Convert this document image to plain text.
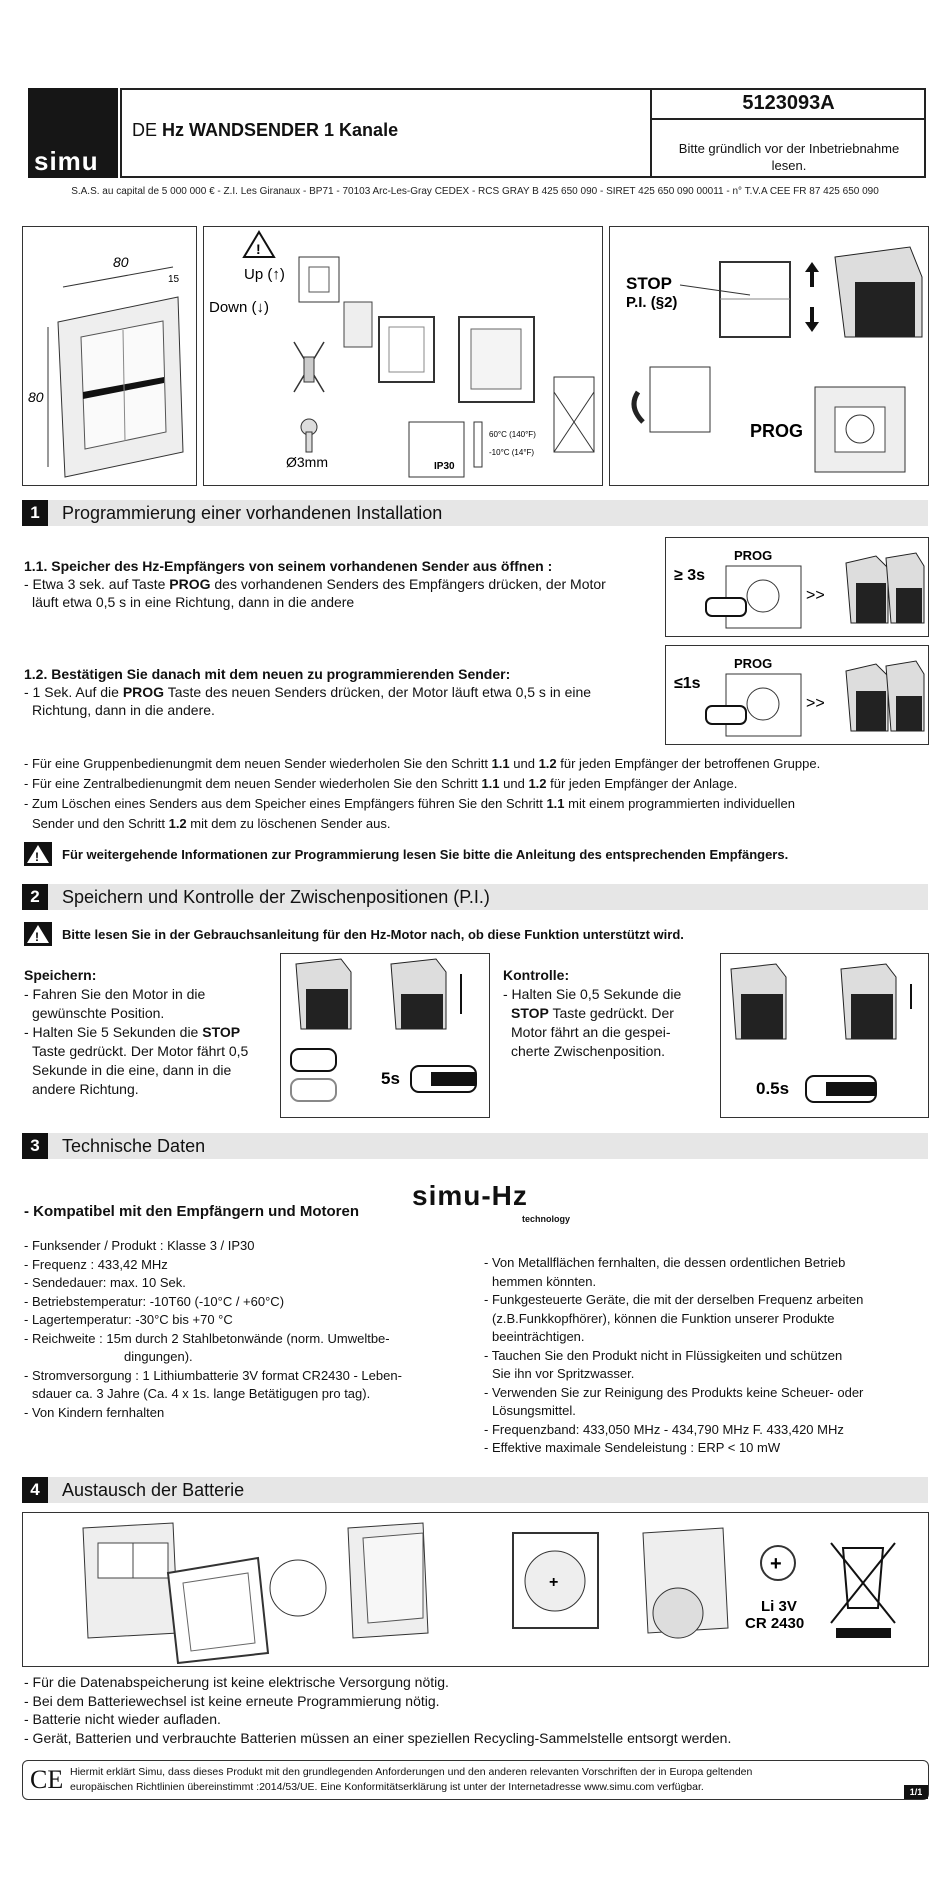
simu
DE Hz WANDSENDER 1 Kanale
5123093A
Bitte gründlich vor der Inbetriebnahme lesen.
S.A.S. au capital de 5 000 000 € - Z.I. Les Giranaux - BP71 - 70103 Arc-Les-Gray CEDEX - RCS GRAY B 425 650 090 - SIRET 425 650 090 00011 - n° T.V.A CEE FR 87 425 650 090
80
15
80
!
Up (↑)
Down (↓)
Ø3mm	IP30
60°C (140°F)
-10°C (14°F)
STOP
P.I. (§2)
PROG
1	Programmierung einer vorhandenen Installation
1.1. Speicher des Hz-Empfängers von seinem vorhandenen Sender aus öffnen :
- Etwa 3 sek. auf Taste PROG des vorhandenen Senders des Empfängers drücken, der Motor
läuft etwa 0,5 s in eine Richtung, dann in die andere
≥ 3s
PROG
>>
1.2. Bestätigen Sie danach mit dem neuen zu programmierenden Sender:
- 1 Sek. Auf die PROG Taste des neuen Senders drücken, der Motor läuft etwa 0,5 s in eine
Richtung, dann in die andere.
≤1s
PROG
>>
- Für eine Gruppenbedienungmit dem neuen Sender wiederholen Sie den Schritt 1.1 und 1.2 für jeden Empfänger der betroffenen Gruppe.
- Für eine Zentralbedienungmit dem neuen Sender wiederholen Sie den Schritt 1.1 und 1.2 für jeden Empfänger der Anlage.
- Zum Löschen eines Senders aus dem Speicher eines Empfängers führen Sie den Schritt 1.1 mit einem programmierten individuellen
Sender und den Schritt 1.2 mit dem zu löschenen Sender aus.
! Für weitergehende Informationen zur Programmierung lesen Sie bitte die Anleitung des entsprechenden Empfängers.
2	Speichern und Kontrolle der Zwischenpositionen (P.I.)
! Bitte lesen Sie in der Gebrauchsanleitung für den Hz-Motor nach, ob diese Funktion unterstützt wird.
Speichern:
- Fahren Sie den Motor in die
gewünschte Position.
- Halten Sie 5 Sekunden die STOP
Taste gedrückt. Der Motor fährt 0,5
Sekunde in die eine, dann in die
andere Richtung.
5s
Kontrolle:
- Halten Sie 0,5 Sekunde die
STOP Taste gedrückt. Der
Motor fährt an die gespei-
cherte Zwischenposition.
0.5s
3	Technische Daten
- Kompatibel mit den Empfängern und Motoren
simu-Hz
technology
- Funksender / Produkt : Klasse 3 / IP30
- Frequenz : 433,42 MHz
- Sendedauer: max. 10 Sek.
- Betriebstemperatur: -10T60 (-10°C / +60°C)
- Lagertemperatur: -30°C bis +70 °C
- Reichweite : 15m durch 2 Stahlbetonwände (norm. Umweltbe-
dingungen).
- Stromversorgung : 1 Lithiumbatterie 3V format CR2430 - Leben-
sdauer ca. 3 Jahre (Ca. 4 x 1s. lange Betätigugen pro tag).
- Von Kindern fernhalten
- Von Metallflächen fernhalten, die dessen ordentlichen Betrieb
hemmen könnten.
- Funkgesteuerte Geräte, die mit der derselben Frequenz arbeiten
(z.B.Funkkopfhörer), können die Funktion unserer Produkte
beeinträchtigen.
- Tauchen Sie den Produkt nicht in Flüssigkeiten und schützen
Sie ihn vor Spritzwasser.
- Verwenden Sie zur Reinigung des Produkts keine Scheuer- oder
Lösungsmittel.
- Frequenzband: 433,050 MHz - 434,790 MHz F. 433,420 MHz
- Effektive maximale Sendeleistung : ERP < 10 mW
4	Austausch der Batterie
+
+
Li 3V
CR 2430
- Für die Datenabspeicherung ist keine elektrische Versorgung nötig.
- Bei dem Batteriewechsel ist keine erneute Programmierung nötig.
- Batterie nicht wieder aufladen.
- Gerät, Batterien und verbrauchte Batterien müssen an einer speziellen Recycling-Sammelstelle entsorgt werden.
CE Hiermit erklärt Simu, dass dieses Produkt mit den grundlegenden Anforderungen und den anderen relevanten Vorschriften der in Europa geltenden
europäischen Richtlinien übereinstimmt :2014/53/UE. Eine Konformitätserklärung ist unter der Internetadresse www.simu.com verfügbar.	1/1
